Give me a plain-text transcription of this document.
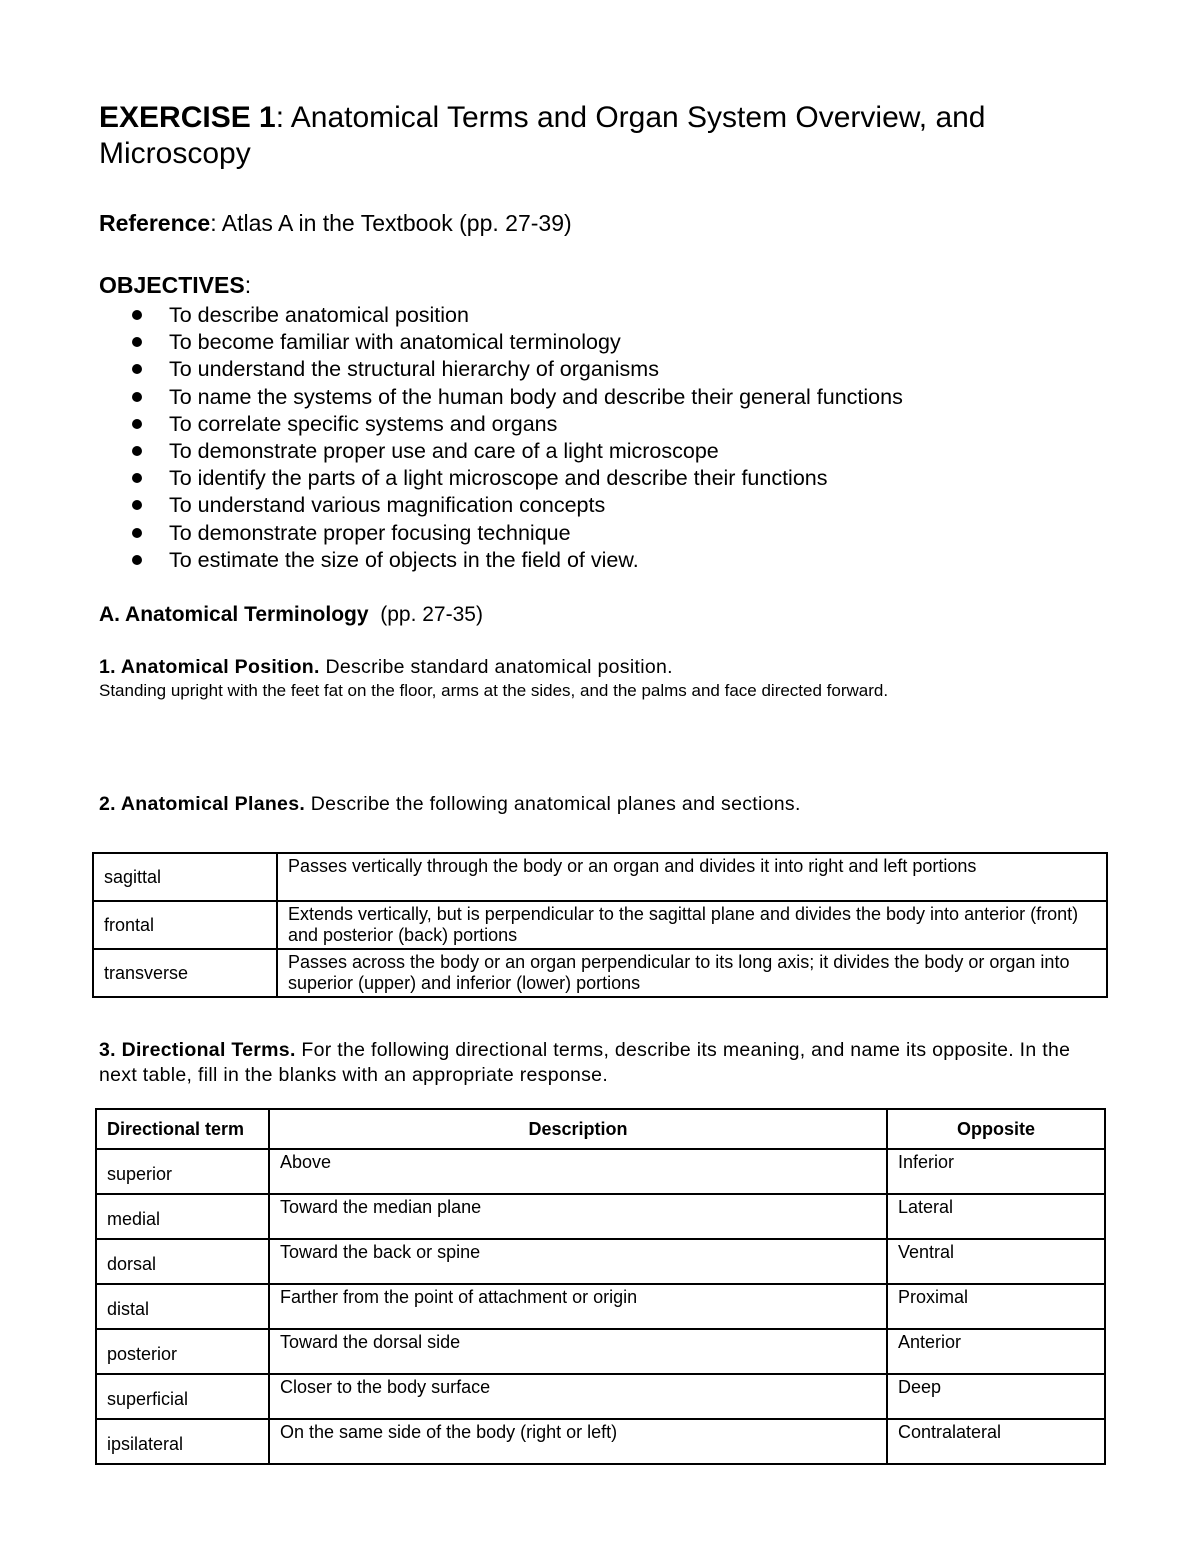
EXERCISE 1: Anatomical Terms and Organ System Overview, and Microscopy
Reference: Atlas A in the Textbook (pp. 27-39)
OBJECTIVES:
To describe anatomical position
To become familiar with anatomical terminology
To understand the structural hierarchy of organisms
To name the systems of the human body and describe their general functions
To correlate specific systems and organs
To demonstrate proper use and care of a light microscope
To identify the parts of a light microscope and describe their functions
To understand various magnification concepts
To demonstrate proper focusing technique
To estimate the size of objects in the field of view.
A. Anatomical Terminology (pp. 27-35)
1. Anatomical Position. Describe standard anatomical position.
Standing upright with the feet fat on the floor, arms at the sides, and the palms and face directed forward.
2. Anatomical Planes. Describe the following anatomical planes and sections.
sagittal	Passes vertically through the body or an organ and divides it into right and left portions
frontal	Extends vertically, but is perpendicular to the sagittal plane and divides the body into anterior (front) and posterior (back) portions
transverse	Passes across the body or an organ perpendicular to its long axis; it divides the body or organ into superior (upper) and inferior (lower) portions
3. Directional Terms. For the following directional terms, describe its meaning, and name its opposite. In the next table, fill in the blanks with an appropriate response.
Directional term	Description	Opposite
superior	Above	Inferior
medial	Toward the median plane	Lateral
dorsal	Toward the back or spine	Ventral
distal	Farther from the point of attachment or origin	Proximal
posterior	Toward the dorsal side	Anterior
superficial	Closer to the body surface	Deep
ipsilateral	On the same side of the body (right or left)	Contralateral
